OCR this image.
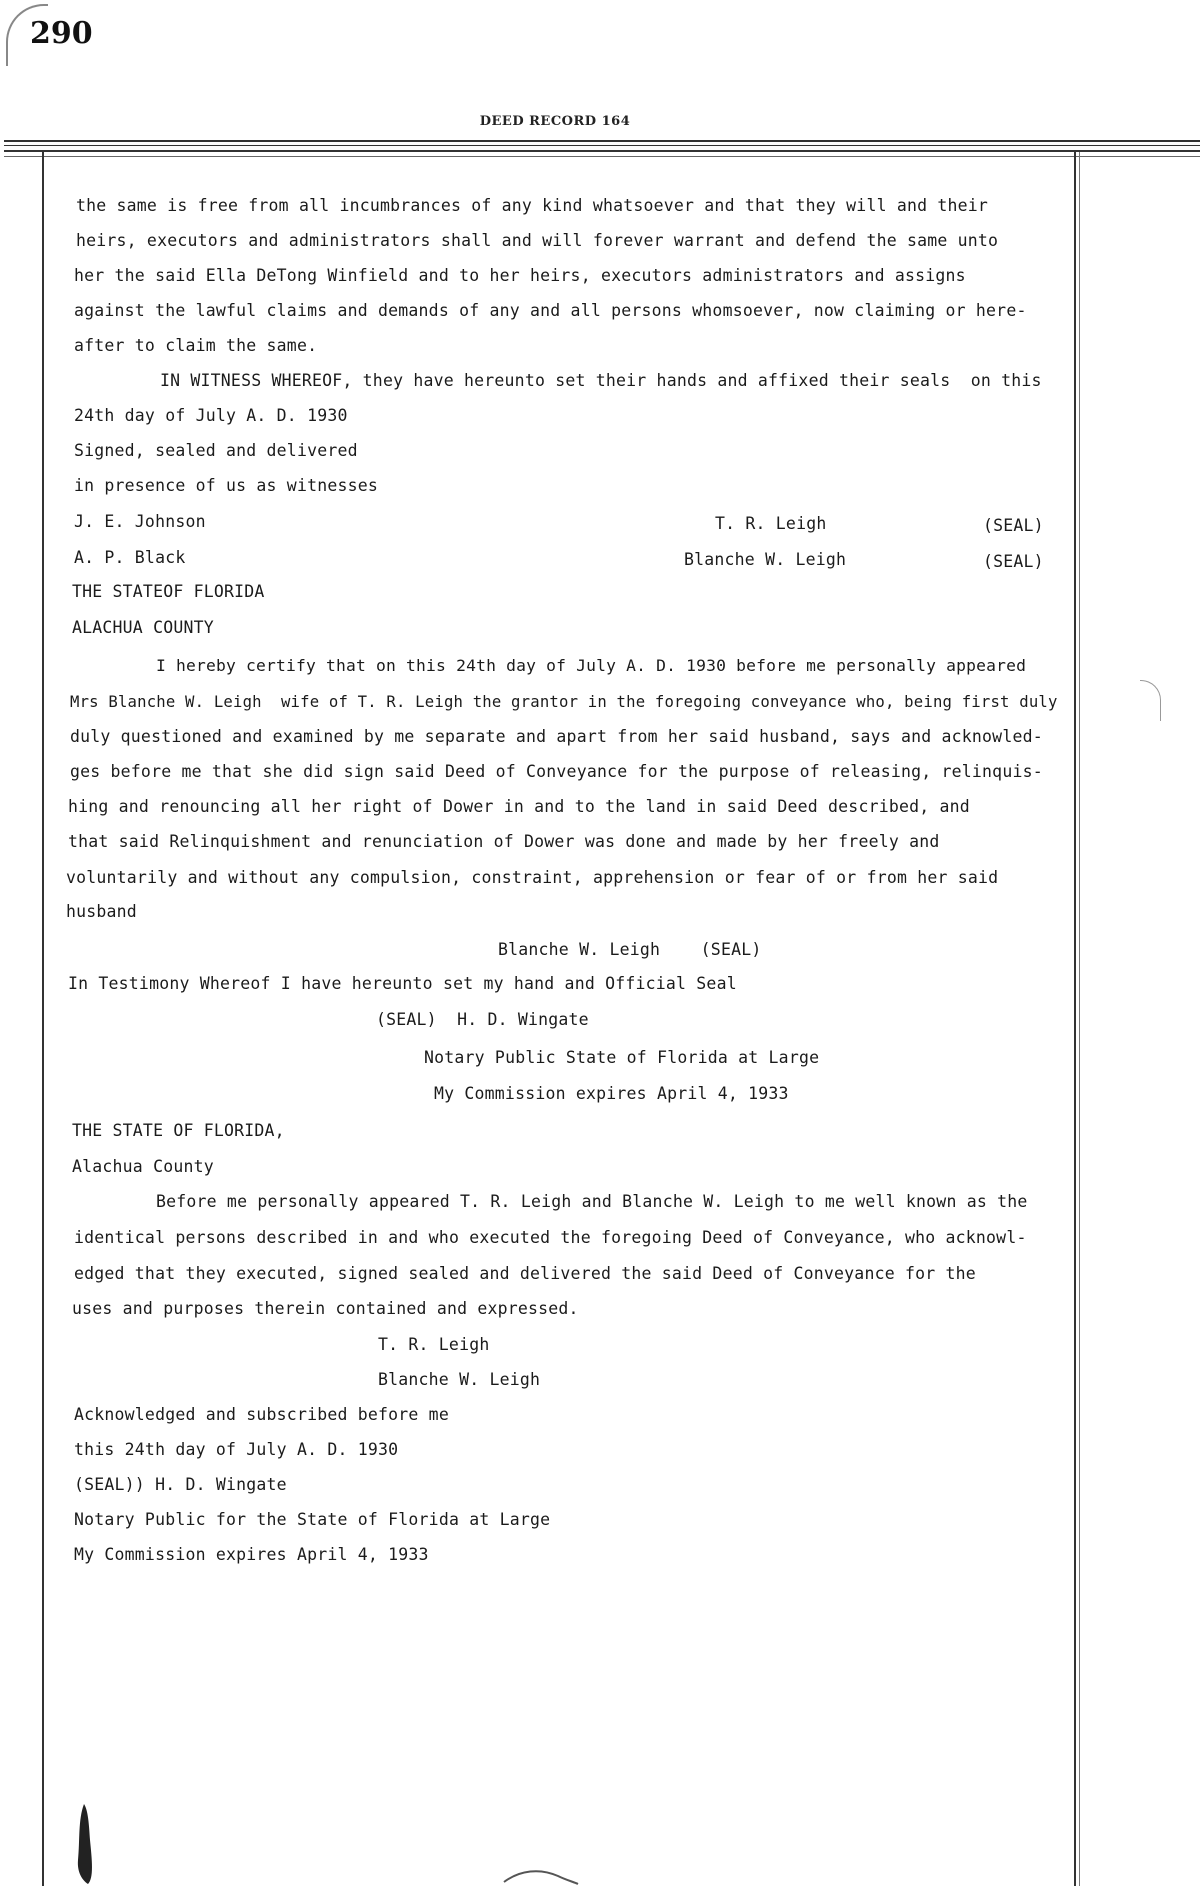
290
DEED RECORD 164
the same is free from all incumbrances of any kind whatsoever and that they will and their
heirs, executors and administrators shall and will forever warrant and defend the same unto
her the said Ella DeTong Winfield and to her heirs, executors administrators and assigns
against the lawful claims and demands of any and all persons whomsoever, now claiming or here-
after to claim the same.
IN WITNESS WHEREOF, they have hereunto set their hands and affixed their seals  on this
24th day of July A. D. 1930
Signed, sealed and delivered
in presence of us as witnesses
J. E. Johnson	T. R. Leigh	(SEAL)
A. P. Black	Blanche W. Leigh	(SEAL)
THE STATEOF FLORIDA
ALACHUA COUNTY
I hereby certify that on this 24th day of July A. D. 1930 before me personally appeared
Mrs Blanche W. Leigh  wife of T. R. Leigh the grantor in the foregoing conveyance who, being first duly
duly questioned and examined by me separate and apart from her said husband, says and acknowled-
ges before me that she did sign said Deed of Conveyance for the purpose of releasing, relinquis-
hing and renouncing all her right of Dower in and to the land in said Deed described, and
that said Relinquishment and renunciation of Dower was done and made by her freely and
voluntarily and without any compulsion, constraint, apprehension or fear of or from her said
husband
Blanche W. Leigh    (SEAL)
In Testimony Whereof I have hereunto set my hand and Official Seal
(SEAL)  H. D. Wingate
Notary Public State of Florida at Large
My Commission expires April 4, 1933
THE STATE OF FLORIDA,
Alachua County
Before me personally appeared T. R. Leigh and Blanche W. Leigh to me well known as the
identical persons described in and who executed the foregoing Deed of Conveyance, who acknowl-
edged that they executed, signed sealed and delivered the said Deed of Conveyance for the
uses and purposes therein contained and expressed.
T. R. Leigh
Blanche W. Leigh
Acknowledged and subscribed before me
this 24th day of July A. D. 1930
(SEAL)) H. D. Wingate
Notary Public for the State of Florida at Large
My Commission expires April 4, 1933
